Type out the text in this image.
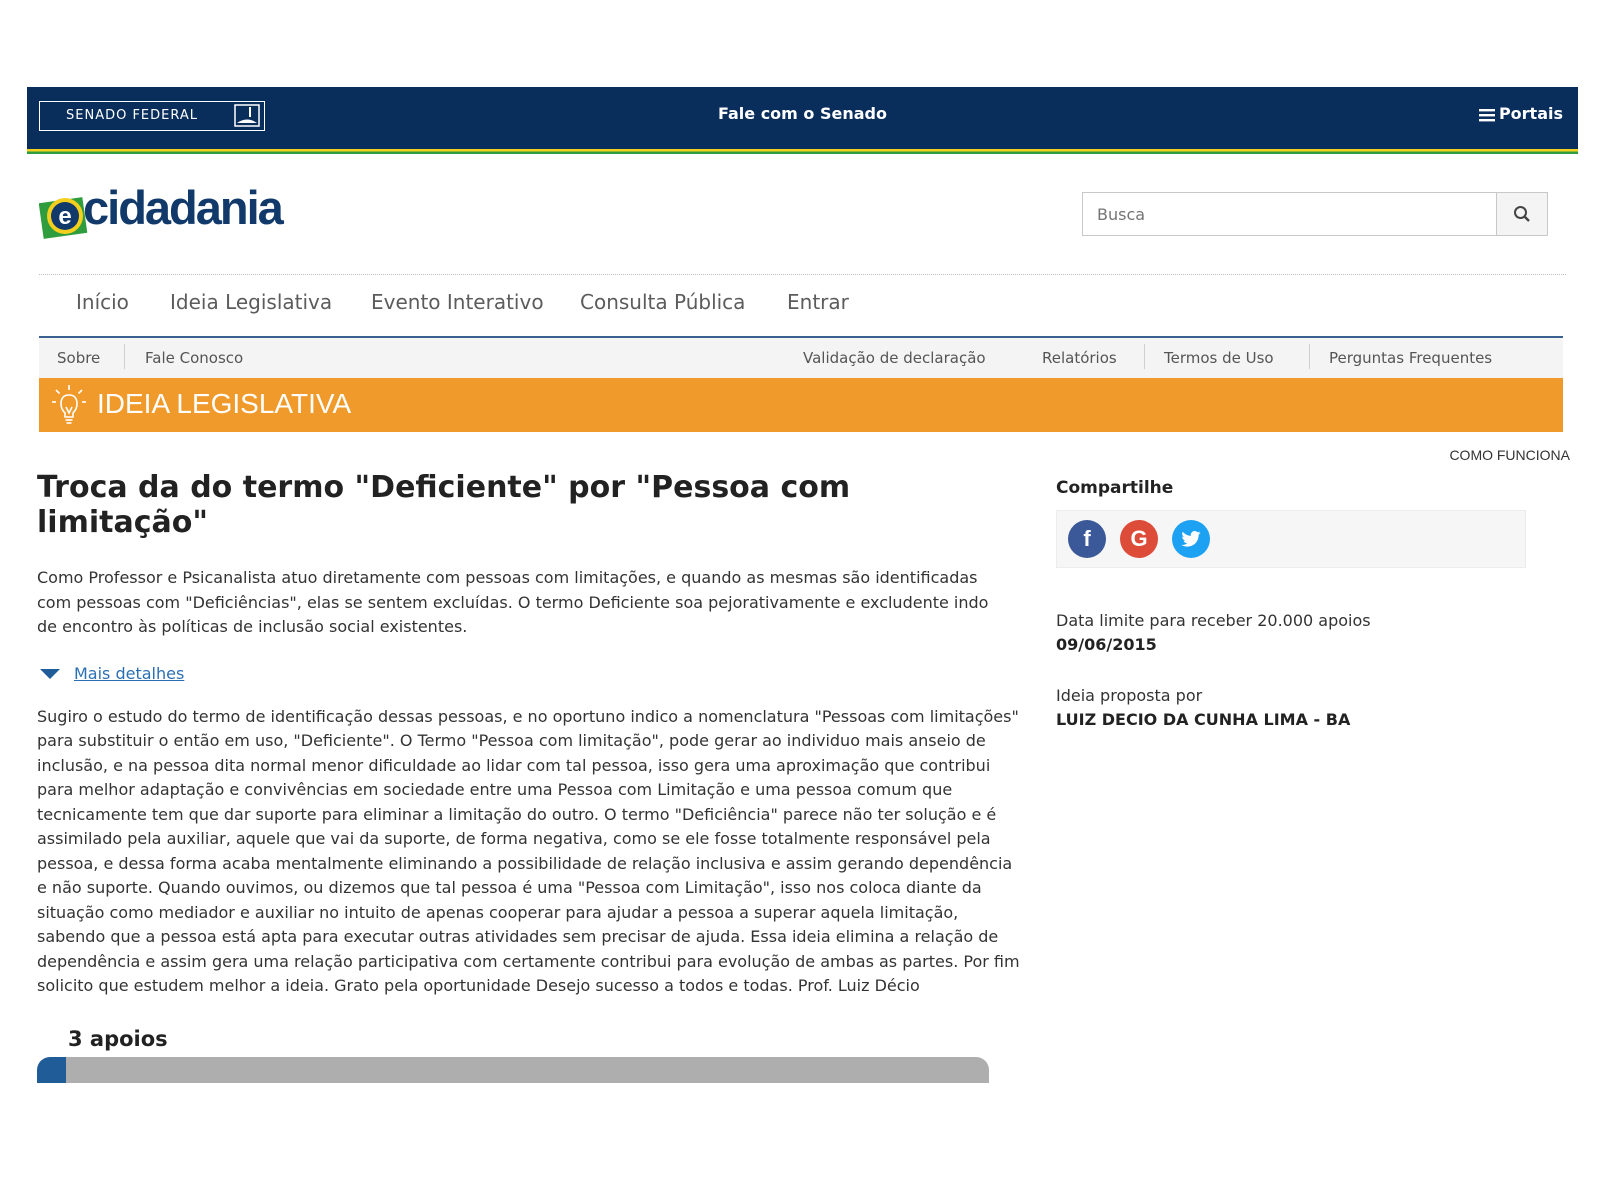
SENADO FEDERAL	Fale com o Senado	Portais
e cidadania
Busca
Início Ideia Legislativa Evento Interativo Consulta Pública Entrar
Sobre	Fale Conosco	Validação de declaração	Relatórios	Termos de Uso	Perguntas Frequentes
IDEIA LEGISLATIVA
COMO FUNCIONA
Troca da do termo "Deficiente" por "Pessoa com limitação"
Como Professor e Psicanalista atuo diretamente com pessoas com limitações, e quando as mesmas são identificadas com pessoas com "Deficiências", elas se sentem excluídas. O termo Deficiente soa pejorativamente e excludente indo de encontro às políticas de inclusão social existentes.
Mais detalhes
Sugiro o estudo do termo de identificação dessas pessoas, e no oportuno indico a nomenclatura "Pessoas com limitações" para substituir o então em uso, "Deficiente". O Termo "Pessoa com limitação", pode gerar ao individuo mais anseio de inclusão, e na pessoa dita normal menor dificuldade ao lidar com tal pessoa, isso gera uma aproximação que contribui para melhor adaptação e convivências em sociedade entre uma Pessoa com Limitação e uma pessoa comum que tecnicamente tem que dar suporte para eliminar a limitação do outro. O termo "Deficiência" parece não ter solução e é assimilado pela auxiliar, aquele que vai da suporte, de forma negativa, como se ele fosse totalmente responsável pela pessoa, e dessa forma acaba mentalmente eliminando a possibilidade de relação inclusiva e assim gerando dependência e não suporte. Quando ouvimos, ou dizemos que tal pessoa é uma "Pessoa com Limitação", isso nos coloca diante da situação como mediador e auxiliar no intuito de apenas cooperar para ajudar a pessoa a superar aquela limitação, sabendo que a pessoa está apta para executar outras atividades sem precisar de ajuda. Essa ideia elimina a relação de dependência e assim gera uma relação participativa com certamente contribui para evolução de ambas as partes. Por fim solicito que estudem melhor a ideia. Grato pela oportunidade Desejo sucesso a todos e todas. Prof. Luiz Décio
3 apoios
Compartilhe
f	G
Data limite para receber 20.000 apoios
09/06/2015
Ideia proposta por
LUIZ DECIO DA CUNHA LIMA - BA
